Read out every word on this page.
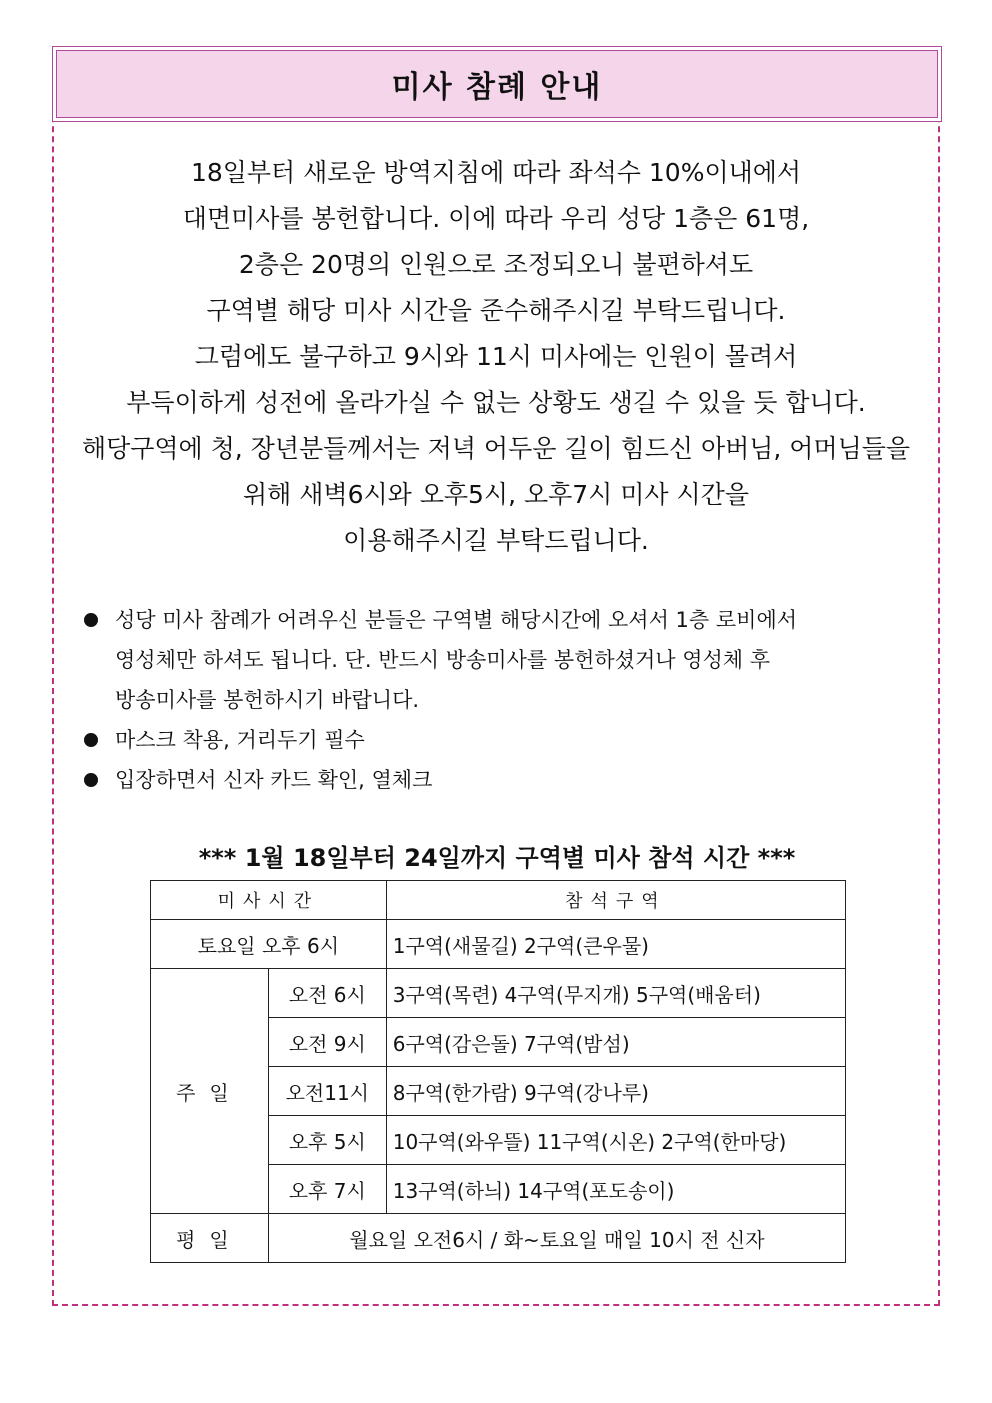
미사 참례 안내
18일부터 새로운 방역지침에 따라 좌석수 10%이내에서
대면미사를 봉헌합니다. 이에 따라 우리 성당 1층은 61명,
2층은 20명의 인원으로 조정되오니 불편하셔도
구역별 해당 미사 시간을 준수해주시길 부탁드립니다.
그럼에도 불구하고 9시와 11시 미사에는 인원이 몰려서
부득이하게 성전에 올라가실 수 없는 상황도 생길 수 있을 듯 합니다.
해당구역에 청, 장년분들께서는 저녁 어두운 길이 힘드신 아버님, 어머님들을
위해 새벽6시와 오후5시, 오후7시 미사 시간을
이용해주시길 부탁드립니다.
성당 미사 참례가 어려우신 분들은 구역별 해당시간에 오셔서 1층 로비에서
영성체만 하셔도 됩니다. 단. 반드시 방송미사를 봉헌하셨거나 영성체 후
방송미사를 봉헌하시기 바랍니다.
마스크 착용, 거리두기 필수
입장하면서 신자 카드 확인, 열체크
*** 1월 18일부터 24일까지 구역별 미사 참석 시간 ***
미사시간		참석구역
토요일 오후 6시		1구역(새물길) 2구역(큰우물)
주일	오전 6시	3구역(목련) 4구역(무지개) 5구역(배움터)
	오전 9시	6구역(감은돌) 7구역(밤섬)
	오전11시	8구역(한가람) 9구역(강나루)
	오후 5시	10구역(와우뜰) 11구역(시온) 2구역(한마당)
	오후 7시	13구역(하늬) 14구역(포도송이)
평일	월요일 오전6시 / 화~토요일 매일 10시 전 신자	
